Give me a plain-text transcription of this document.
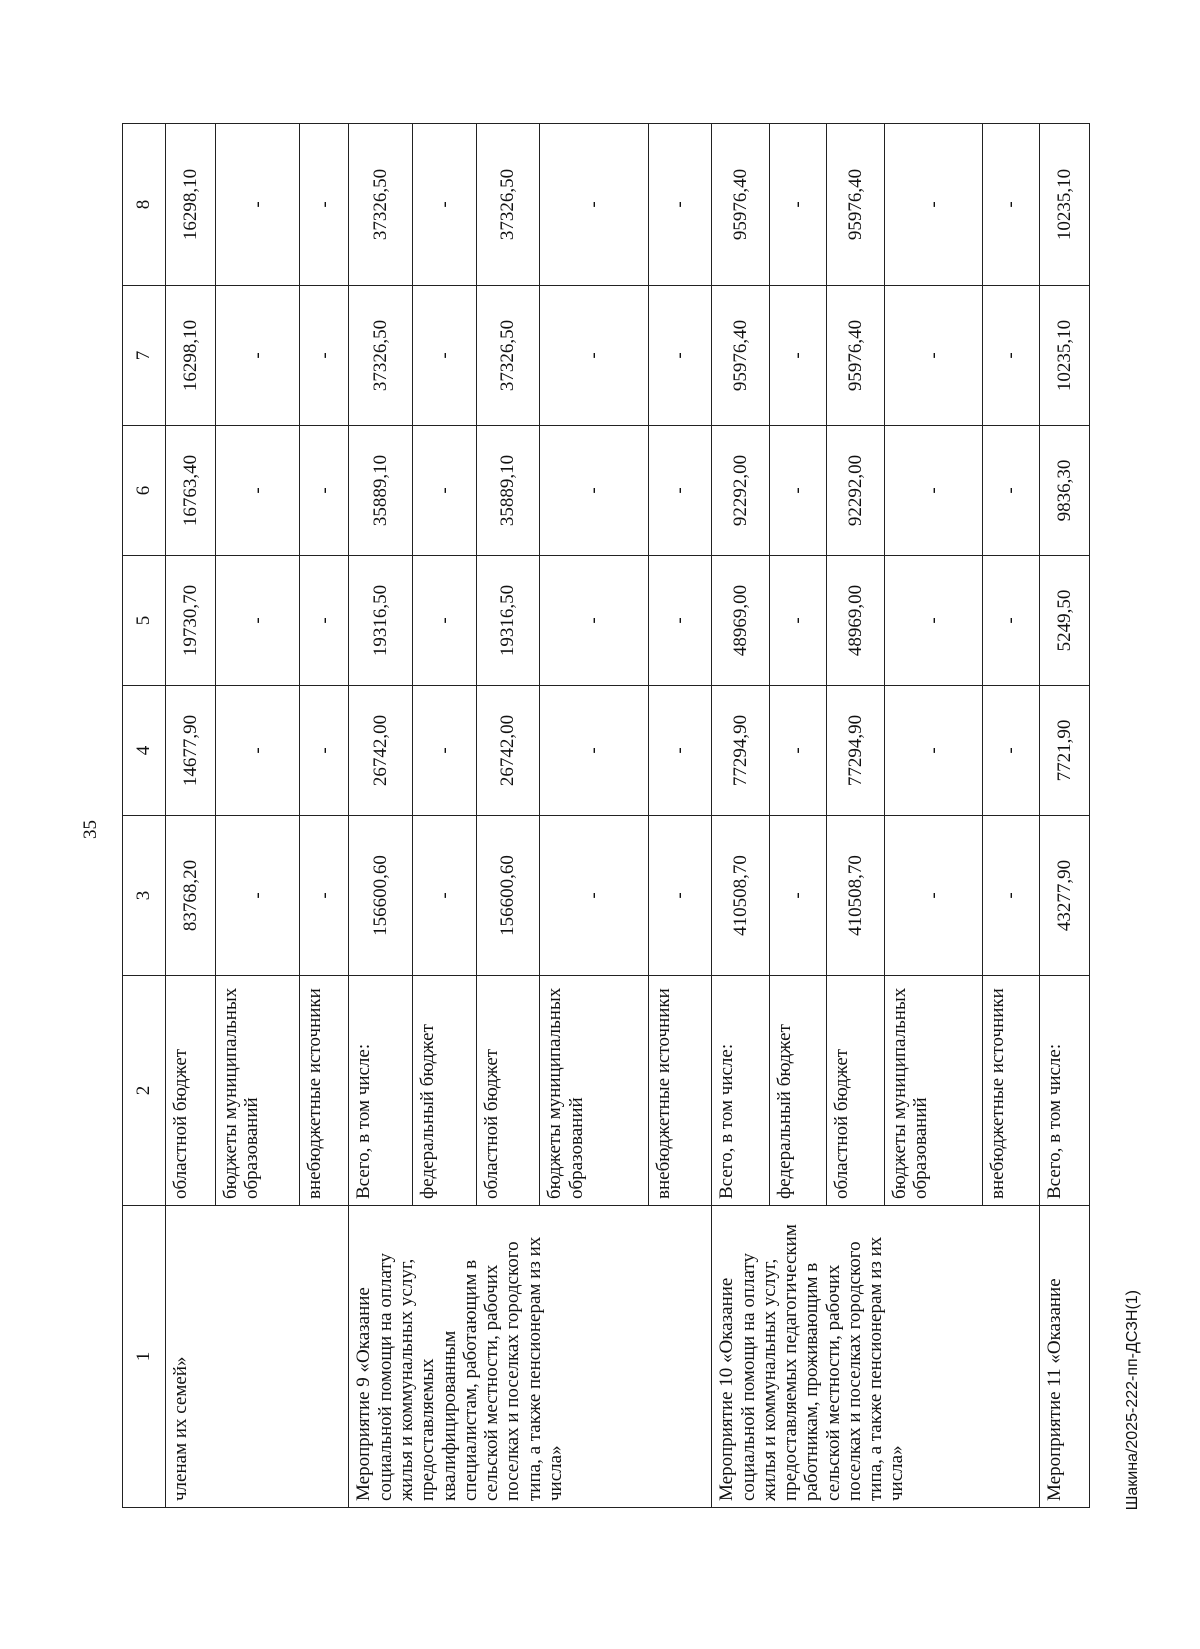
35
1	2	3	4	5	6	7	8
членам их семей»	областной бюджет	83768,20	14677,90	19730,70	16763,40	16298,10	16298,10
	бюджеты муниципальных образований	-	-	-	-	-	-
	внебюджетные источники	-	-	-	-	-	-
Мероприятие 9 «Оказание социальной помощи на оплату жилья и коммунальных услуг, предоставляемых квалифицированным специалистам, работающим в сельской местности, рабочих поселках и поселках городского типа, а также пенсионерам из их числа»	Всего, в том числе:	156600,60	26742,00	19316,50	35889,10	37326,50	37326,50
	федеральный бюджет	-	-	-	-	-	-
	областной бюджет	156600,60	26742,00	19316,50	35889,10	37326,50	37326,50
	бюджеты муниципальных образований	-	-	-	-	-	-
	внебюджетные источники	-	-	-	-	-	-
Мероприятие 10 «Оказание социальной помощи на оплату жилья и коммунальных услуг, предоставляемых педагогическим работникам, проживающим в сельской местности, рабочих поселках и поселках городского типа, а также пенсионерам из их числа»	Всего, в том числе:	410508,70	77294,90	48969,00	92292,00	95976,40	95976,40
	федеральный бюджет	-	-	-	-	-	-
	областной бюджет	410508,70	77294,90	48969,00	92292,00	95976,40	95976,40
	бюджеты муниципальных образований	-	-	-	-	-	-
	внебюджетные источники	-	-	-	-	-	-
Мероприятие 11 «Оказание	Всего, в том числе:	43277,90	7721,90	5249,50	9836,30	10235,10	10235,10
Шакина/2025-222-пп-ДСЗН(1)
